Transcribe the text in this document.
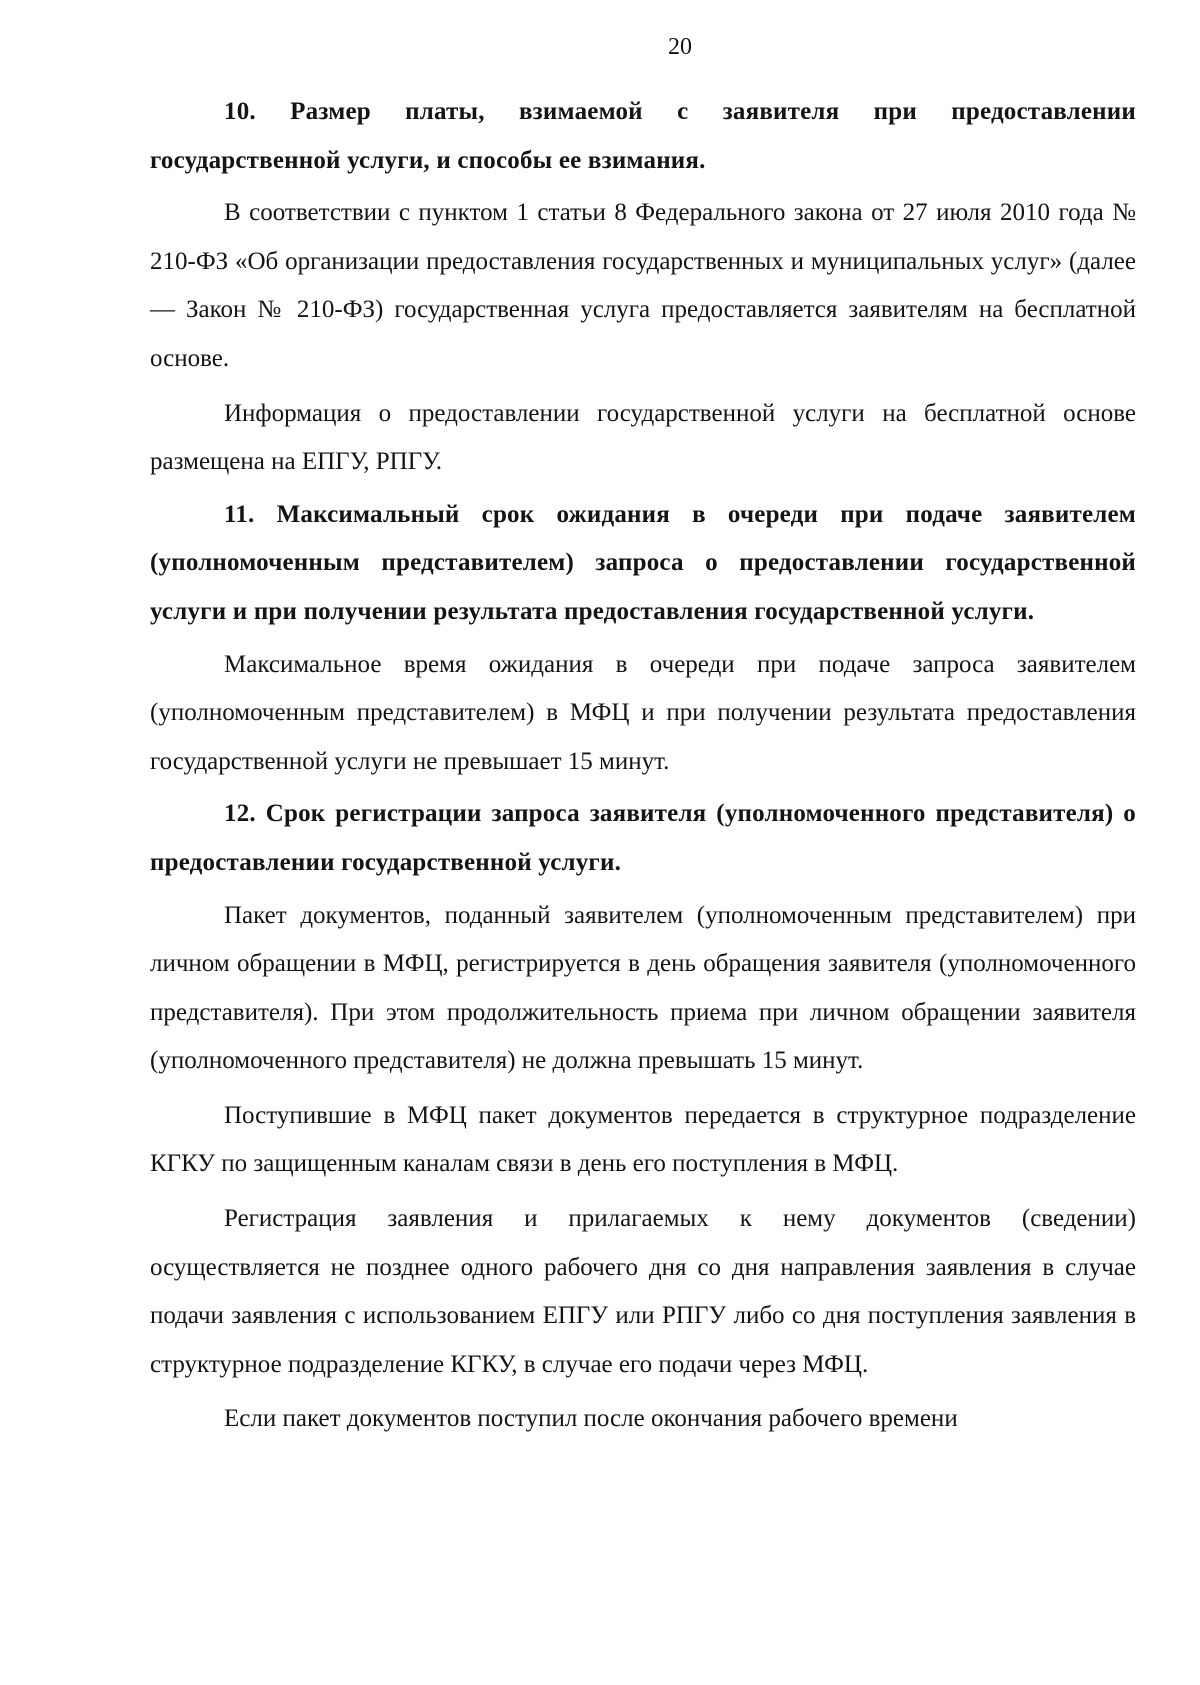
20

10. Размер платы, взимаемой с заявителя при предоставлении государственной услуги, и способы ее взимания.

В соответствии с пунктом 1 статьи 8 Федерального закона от 27 июля 2010 года № 210-ФЗ «Об организации предоставления государственных и муниципальных услуг» (далее — Закон № 210-ФЗ) государственная услуга предоставляется заявителям на бесплатной основе.

Информация о предоставлении государственной услуги на бесплатной основе размещена на ЕПГУ, РПГУ.

11. Максимальный срок ожидания в очереди при подаче заявителем (уполномоченным представителем) запроса о предоставлении государственной услуги и при получении результата предоставления государственной услуги.

Максимальное время ожидания в очереди при подаче запроса заявителем (уполномоченным представителем) в МФЦ и при получении результата предоставления государственной услуги не превышает 15 минут.

12. Срок регистрации запроса заявителя (уполномоченного представителя) о предоставлении государственной услуги.

Пакет документов, поданный заявителем (уполномоченным представителем) при личном обращении в МФЦ, регистрируется в день обращения заявителя (уполномоченного представителя). При этом продолжительность приема при личном обращении заявителя (уполномоченного представителя) не должна превышать 15 минут.

Поступившие в МФЦ пакет документов передается в структурное подразделение КГКУ по защищенным каналам связи в день его поступления в МФЦ.

Регистрация заявления и прилагаемых к нему документов (сведении) осуществляется не позднее одного рабочего дня со дня направления заявления в случае подачи заявления с использованием ЕПГУ или РПГУ либо со дня поступления заявления в структурное подразделение КГКУ, в случае его подачи через МФЦ.

Если пакет документов поступил после окончания рабочего времени
